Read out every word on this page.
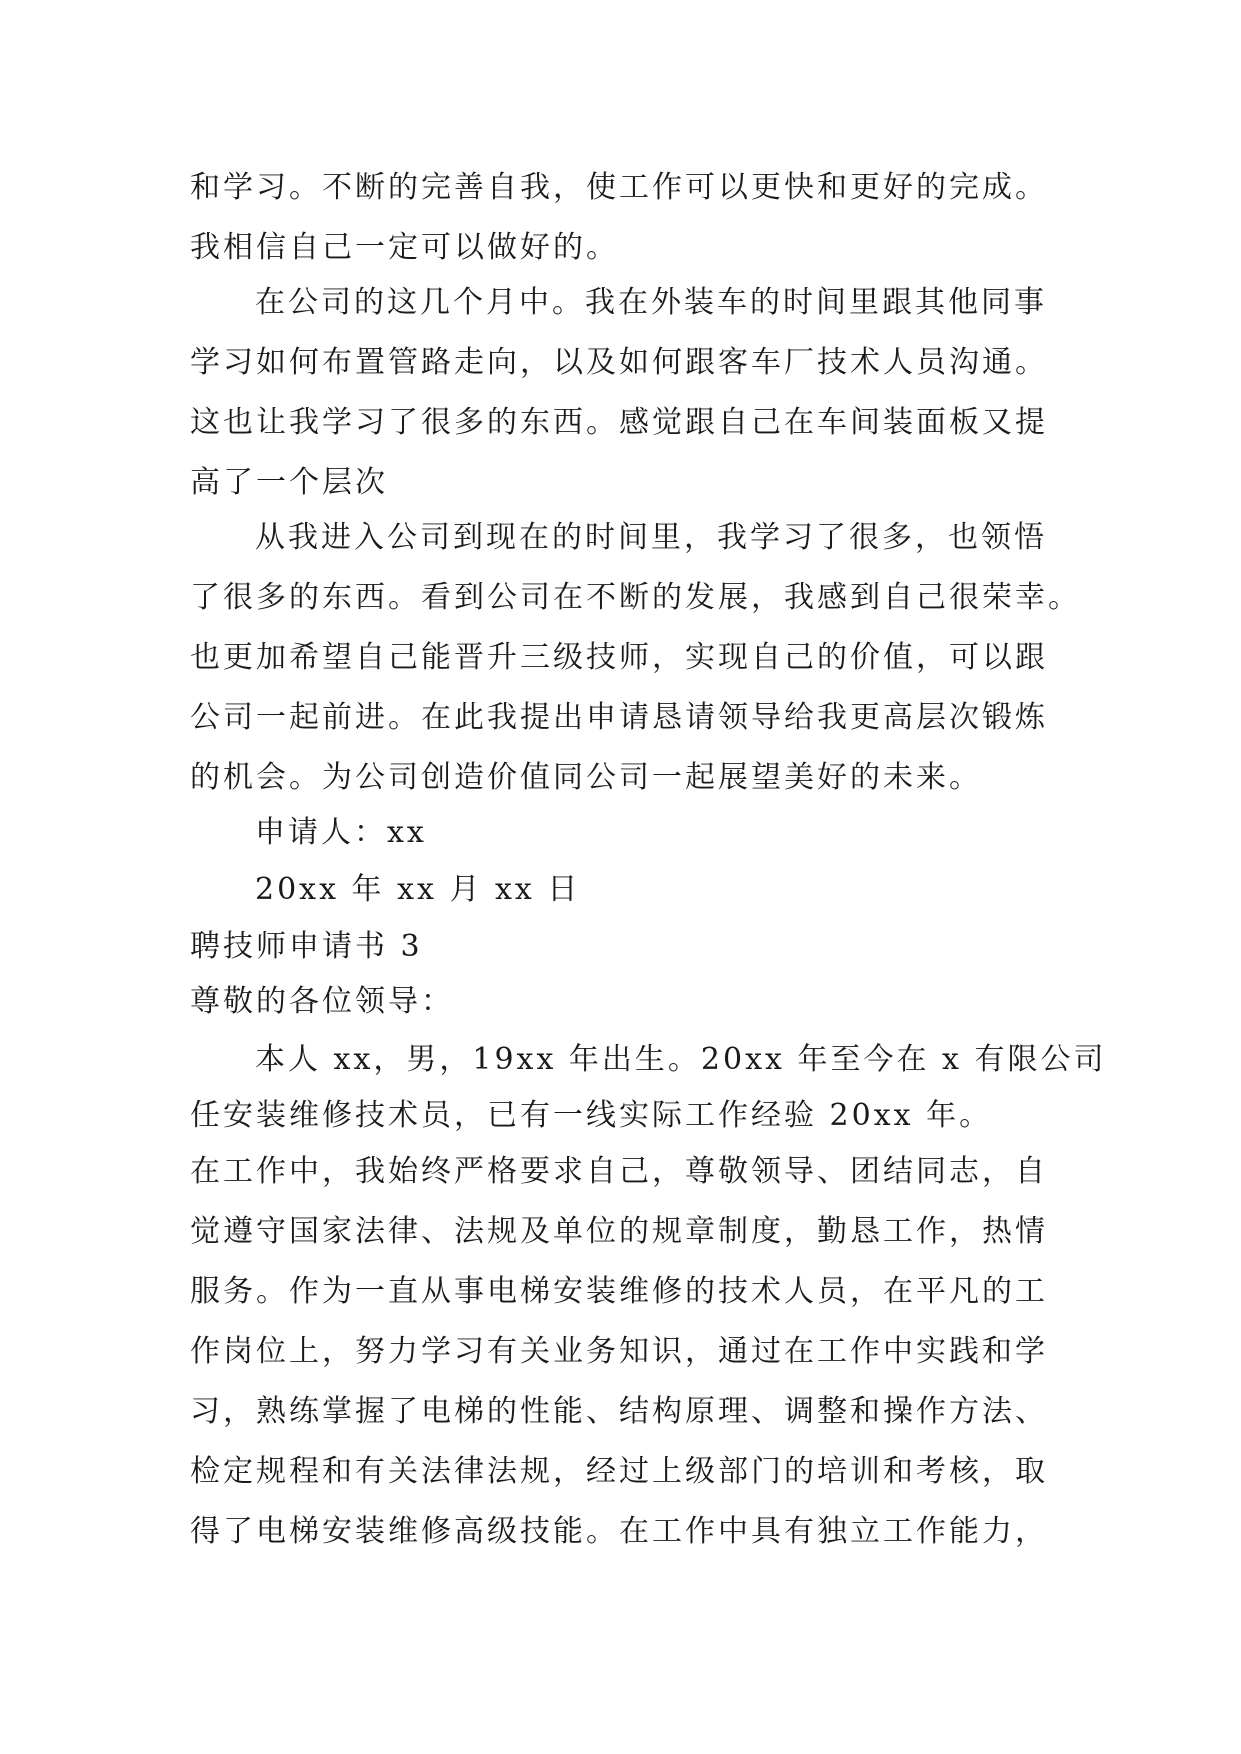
和学习。不断的完善自我，使工作可以更快和更好的完成。
我相信自己一定可以做好的。
在公司的这几个月中。我在外装车的时间里跟其他同事
学习如何布置管路走向，以及如何跟客车厂技术人员沟通。
这也让我学习了很多的东西。感觉跟自己在车间装面板又提
高了一个层次
从我进入公司到现在的时间里，我学习了很多，也领悟
了很多的东西。看到公司在不断的发展，我感到自己很荣幸。
也更加希望自己能晋升三级技师，实现自己的价值，可以跟
公司一起前进。在此我提出申请恳请领导给我更高层次锻炼
的机会。为公司创造价值同公司一起展望美好的未来。
申请人：xx
20xx 年 xx 月 xx 日
聘技师申请书 3
尊敬的各位领导：
本人 xx，男，19xx 年出生。20xx 年至今在 x 有限公司
任安装维修技术员，已有一线实际工作经验 20xx 年。
在工作中，我始终严格要求自己，尊敬领导、团结同志，自
觉遵守国家法律、法规及单位的规章制度，勤恳工作，热情
服务。作为一直从事电梯安装维修的技术人员，在平凡的工
作岗位上，努力学习有关业务知识，通过在工作中实践和学
习，熟练掌握了电梯的性能、结构原理、调整和操作方法、
检定规程和有关法律法规，经过上级部门的培训和考核，取
得了电梯安装维修高级技能。在工作中具有独立工作能力，
